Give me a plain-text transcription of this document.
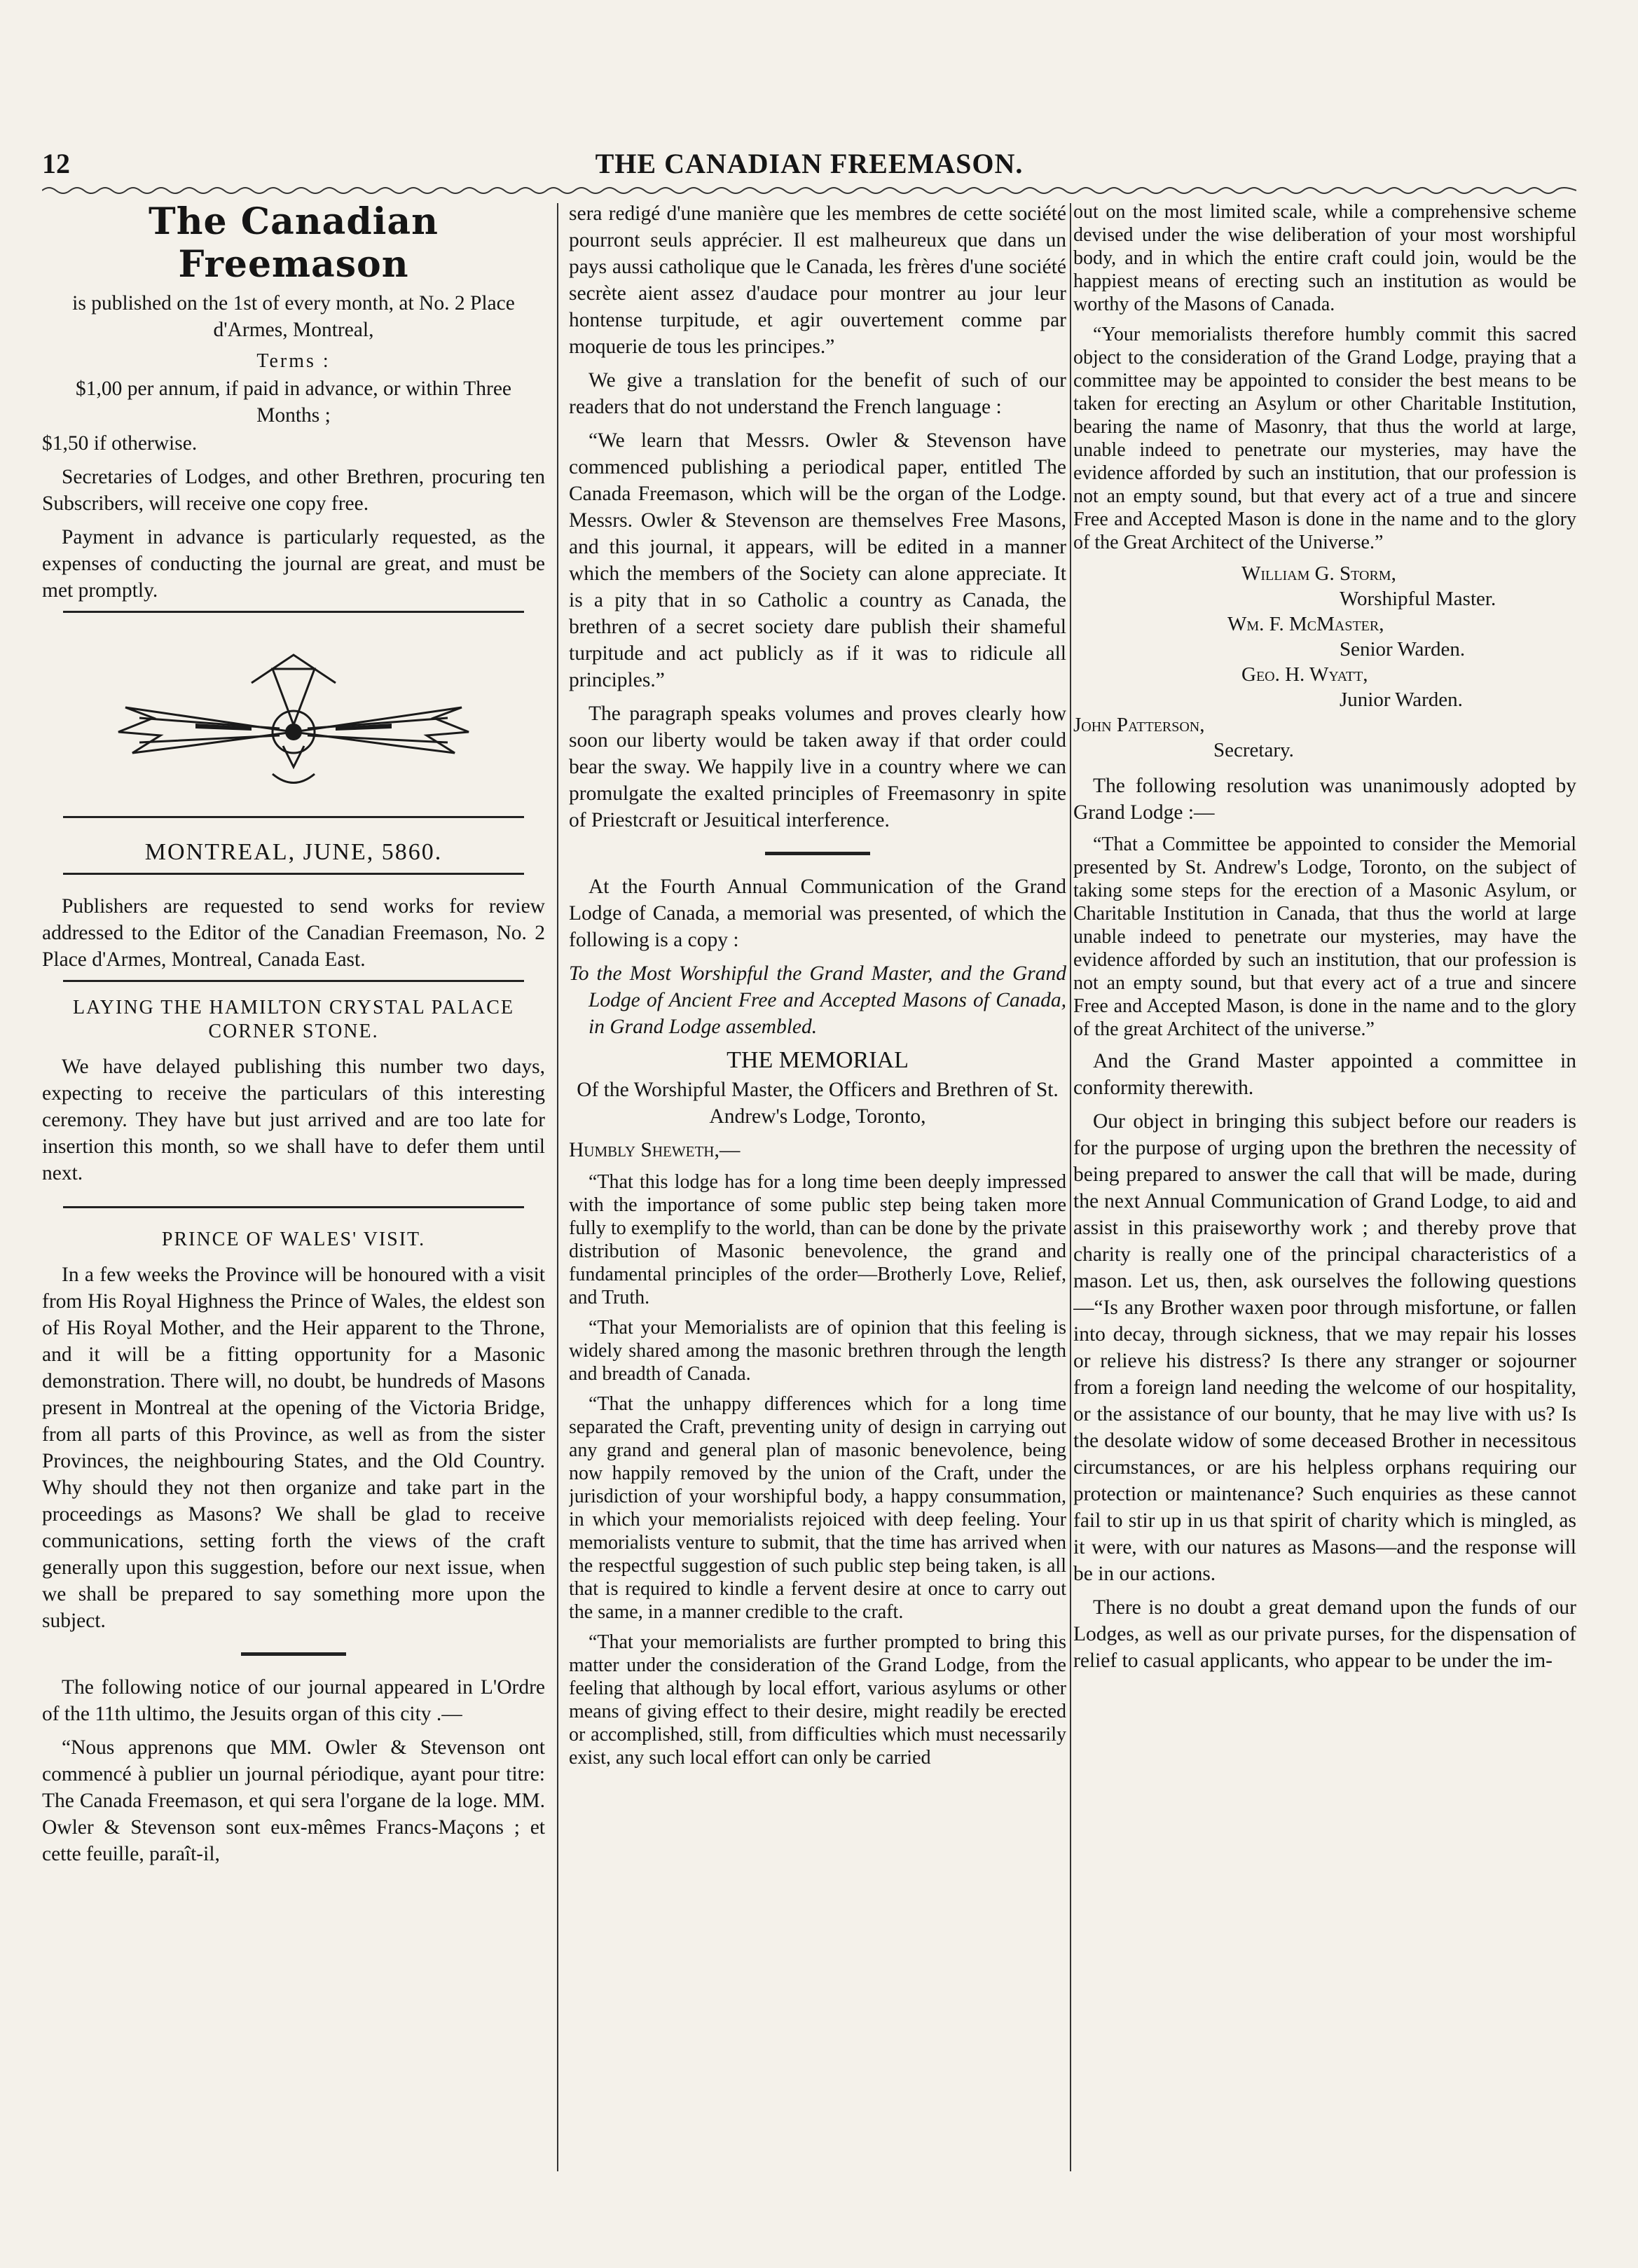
12	THE CANADIAN FREEMASON.
The Canadian Freemason

is published on the 1st of every month, at No. 2 Place d'Armes, Montreal,

Terms :

$1,00 per annum, if paid in advance, or within Three Months ;

$1,50 if otherwise.

Secretaries of Lodges, and other Brethren, procuring ten Subscribers, will receive one copy free.

Payment in advance is particularly requested, as the expenses of conducting the journal are great, and must be met promptly.

MONTREAL, JUNE, 5860.

Publishers are requested to send works for review addressed to the Editor of the Canadian Freemason, No. 2 Place d'Armes, Montreal, Canada East.

LAYING THE HAMILTON CRYSTAL PALACE CORNER STONE.

We have delayed publishing this number two days, expecting to receive the particulars of this interesting ceremony. They have but just arrived and are too late for insertion this month, so we shall have to defer them until next.

PRINCE OF WALES' VISIT.

In a few weeks the Province will be honoured with a visit from His Royal Highness the Prince of Wales, the eldest son of His Royal Mother, and the Heir apparent to the Throne, and it will be a fitting opportunity for a Masonic demonstration. There will, no doubt, be hundreds of Masons present in Montreal at the opening of the Victoria Bridge, from all parts of this Province, as well as from the sister Provinces, the neighbouring States, and the Old Country. Why should they not then organize and take part in the proceedings as Masons? We shall be glad to receive communications, setting forth the views of the craft generally upon this suggestion, before our next issue, when we shall be prepared to say something more upon the subject.

The following notice of our journal appeared in L'Ordre of the 11th ultimo, the Jesuits organ of this city .—

“Nous apprenons que MM. Owler & Stevenson ont commencé à publier un journal périodique, ayant pour titre: The Canada Freemason, et qui sera l'organe de la loge. MM. Owler & Stevenson sont eux-mêmes Francs-Maçons ; et cette feuille, paraît-il,

sera redigé d'une manière que les membres de cette société pourront seuls apprécier. Il est malheureux que dans un pays aussi catholique que le Canada, les frères d'une société secrète aient assez d'audace pour montrer au jour leur hontense turpitude, et agir ouvertement comme par moquerie de tous les principes.”

We give a translation for the benefit of such of our readers that do not understand the French language :

“We learn that Messrs. Owler & Stevenson have commenced publishing a periodical paper, entitled The Canada Freemason, which will be the organ of the Lodge. Messrs. Owler & Stevenson are themselves Free Masons, and this journal, it appears, will be edited in a manner which the members of the Society can alone appreciate. It is a pity that in so Catholic a country as Canada, the brethren of a secret society dare publish their shameful turpitude and act publicly as if it was to ridicule all principles.”

The paragraph speaks volumes and proves clearly how soon our liberty would be taken away if that order could bear the sway. We happily live in a country where we can promulgate the exalted principles of Freemasonry in spite of Priestcraft or Jesuitical interference.

At the Fourth Annual Communication of the Grand Lodge of Canada, a memorial was presented, of which the following is a copy :

To the Most Worshipful the Grand Master, and the Grand Lodge of Ancient Free and Accepted Masons of Canada, in Grand Lodge assembled.

THE MEMORIAL

Of the Worshipful Master, the Officers and Brethren of St. Andrew's Lodge, Toronto,

Humbly Sheweth,—

“That this lodge has for a long time been deeply impressed with the importance of some public step being taken more fully to exemplify to the world, than can be done by the private distribution of Masonic benevolence, the grand and fundamental principles of the order—Brotherly Love, Relief, and Truth.

“That your Memorialists are of opinion that this feeling is widely shared among the masonic brethren through the length and breadth of Canada.

“That the unhappy differences which for a long time separated the Craft, preventing unity of design in carrying out any grand and general plan of masonic benevolence, being now happily removed by the union of the Craft, under the jurisdiction of your worshipful body, a happy consummation, in which your memorialists rejoiced with deep feeling. Your memorialists venture to submit, that the time has arrived when the respectful suggestion of such public step being taken, is all that is required to kindle a fervent desire at once to carry out the same, in a manner credible to the craft.

“That your memorialists are further prompted to bring this matter under the consideration of the Grand Lodge, from the feeling that although by local effort, various asylums or other means of giving effect to their desire, might readily be erected or accomplished, still, from difficulties which must necessarily exist, any such local effort can only be carried

out on the most limited scale, while a comprehensive scheme devised under the wise deliberation of your most worshipful body, and in which the entire craft could join, would be the happiest means of erecting such an institution as would be worthy of the Masons of Canada.

“Your memorialists therefore humbly commit this sacred object to the consideration of the Grand Lodge, praying that a committee may be appointed to consider the best means to be taken for erecting an Asylum or other Charitable Institution, bearing the name of Masonry, that thus the world at large, unable indeed to penetrate our mysteries, may have the evidence afforded by such an institution, that our profession is not an empty sound, but that every act of a true and sincere Free and Accepted Mason is done in the name and to the glory of the Great Architect of the Universe.”

William G. Storm,

Worshipful Master.

Wm. F. McMaster,

Senior Warden.

Geo. H. Wyatt,

Junior Warden.

John Patterson,

Secretary.

The following resolution was unanimously adopted by Grand Lodge :—

“That a Committee be appointed to consider the Memorial presented by St. Andrew's Lodge, Toronto, on the subject of taking some steps for the erection of a Masonic Asylum, or Charitable Institution in Canada, that thus the world at large unable indeed to penetrate our mysteries, may have the evidence afforded by such an institution, that our profession is not an empty sound, but that every act of a true and sincere Free and Accepted Mason, is done in the name and to the glory of the great Architect of the universe.”

And the Grand Master appointed a committee in conformity therewith.

Our object in bringing this subject before our readers is for the purpose of urging upon the brethren the necessity of being prepared to answer the call that will be made, during the next Annual Communication of Grand Lodge, to aid and assist in this praiseworthy work ; and thereby prove that charity is really one of the principal characteristics of a mason. Let us, then, ask ourselves the following questions—“Is any Brother waxen poor through misfortune, or fallen into decay, through sickness, that we may repair his losses or relieve his distress? Is there any stranger or sojourner from a foreign land needing the welcome of our hospitality, or the assistance of our bounty, that he may live with us? Is the desolate widow of some deceased Brother in necessitous circumstances, or are his helpless orphans requiring our protection or maintenance? Such enquiries as these cannot fail to stir up in us that spirit of charity which is mingled, as it were, with our natures as Masons—and the response will be in our actions.

There is no doubt a great demand upon the funds of our Lodges, as well as our private purses, for the dispensation of relief to casual applicants, who appear to be under the im-
